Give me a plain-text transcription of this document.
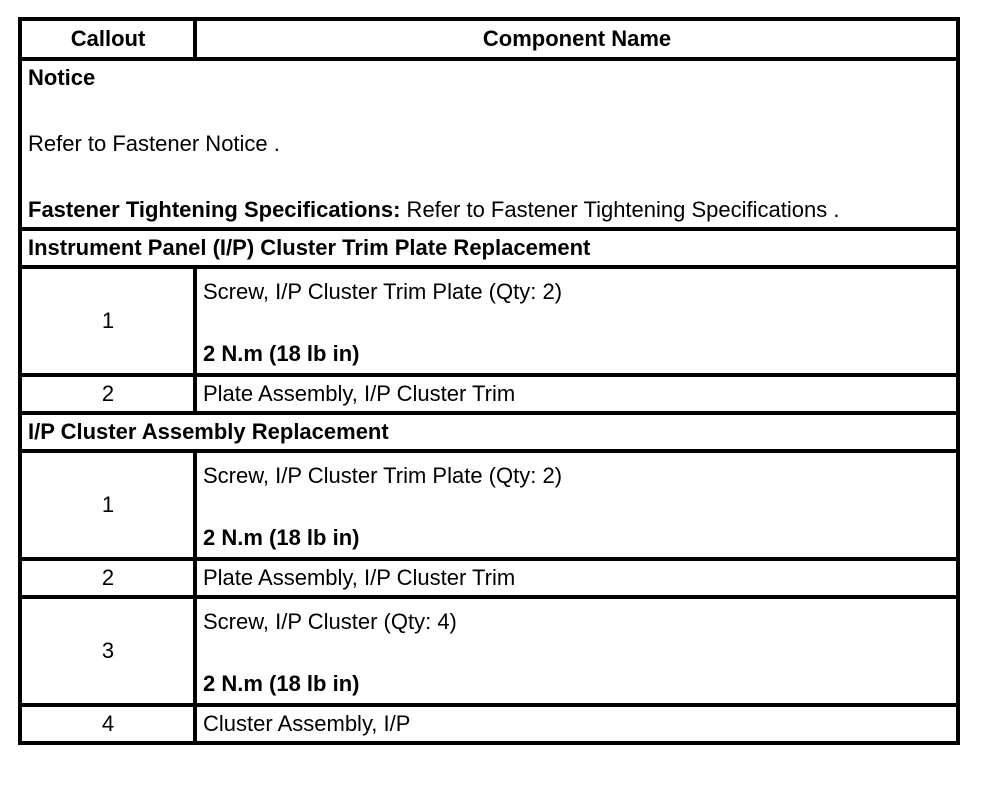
Callout	Component Name

Notice
Refer to Fastener Notice .
Fastener Tightening Specifications: Refer to Fastener Tightening Specifications .	

Instrument Panel (I/P) Cluster Trim Plate Replacement	
1	Screw, I/P Cluster Trim Plate (Qty: 2)
2 N.m (18 lb in)

2	Plate Assembly, I/P Cluster Trim
I/P Cluster Assembly Replacement	
1	Screw, I/P Cluster Trim Plate (Qty: 2)
2 N.m (18 lb in)

2	Plate Assembly, I/P Cluster Trim
3	Screw, I/P Cluster (Qty: 4)
2 N.m (18 lb in)

4	Cluster Assembly, I/P
